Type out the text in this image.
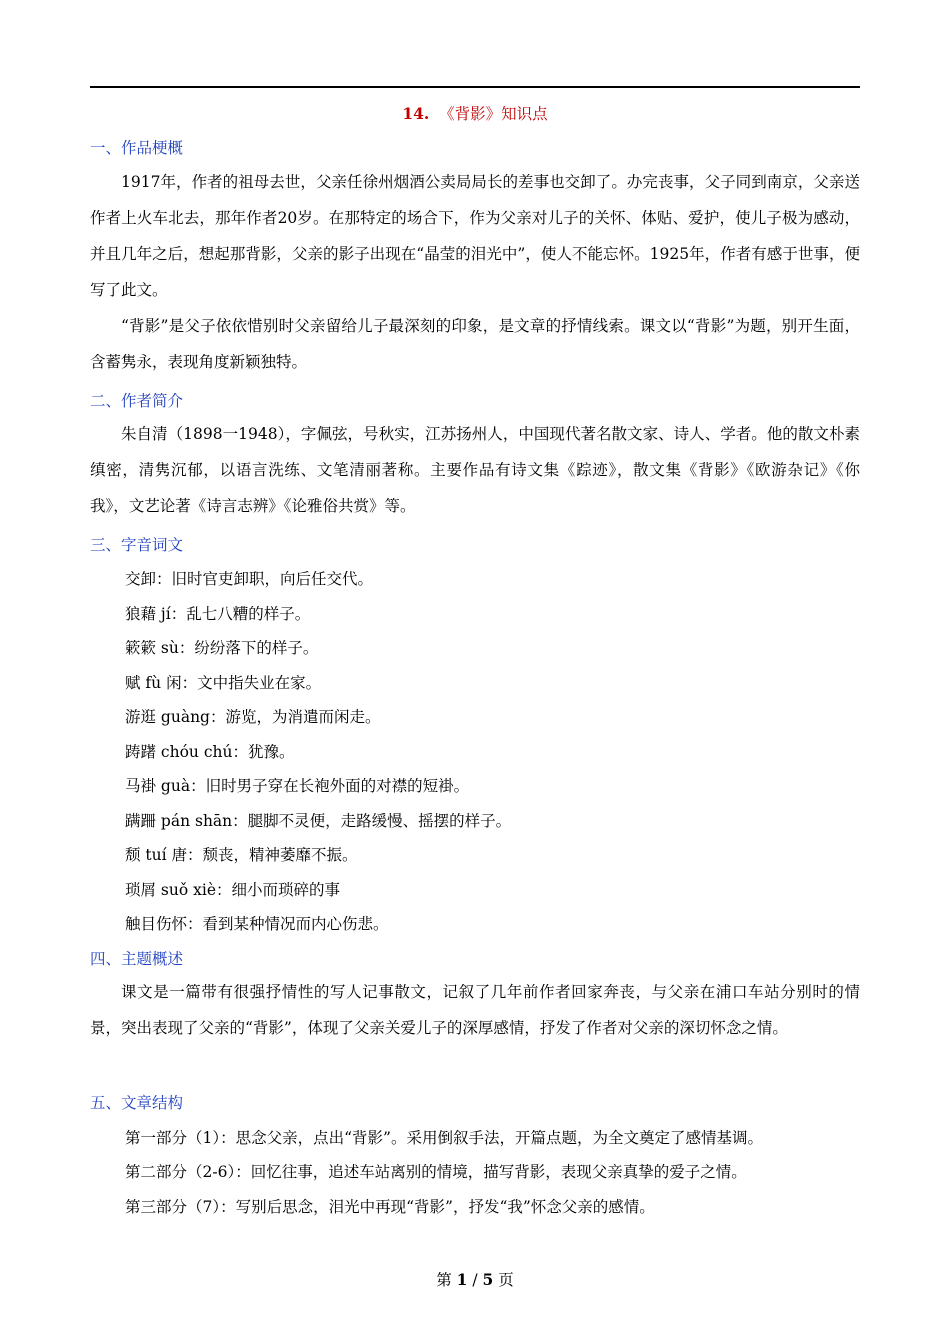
14. 《背影》知识点
一、作品梗概
1917年，作者的祖母去世，父亲任徐州烟酒公卖局局长的差事也交卸了。办完丧事，父子同到南京，父亲送作者上火车北去，那年作者20岁。在那特定的场合下，作为父亲对儿子的关怀、体贴、爱护，使儿子极为感动，并且几年之后，想起那背影，父亲的影子出现在“晶莹的泪光中”，使人不能忘怀。1925年，作者有感于世事，便写了此文。
“背影”是父子依依惜别时父亲留给儿子最深刻的印象，是文章的抒情线索。课文以“背影”为题，别开生面，含蓄隽永，表现角度新颖独特。
二、作者简介
朱自清（1898一1948），字佩弦，号秋实，江苏扬州人，中国现代著名散文家、诗人、学者。他的散文朴素缜密，清隽沉郁，以语言洗练、文笔清丽著称。主要作品有诗文集《踪迹》，散文集《背影》《欧游杂记》《你我》，文艺论著《诗言志辨》《论雅俗共赏》等。
三、字音词文
交卸：旧时官吏卸职，向后任交代。
狼藉 jí：乱七八糟的样子。
簌簌 sù：纷纷落下的样子。
赋 fù 闲：文中指失业在家。
游逛 guàng：游览，为消遣而闲走。
踌躇 chóu chú：犹豫。
马褂 guà：旧时男子穿在长袍外面的对襟的短褂。
蹒跚 pán shān：腿脚不灵便，走路缓慢、摇摆的样子。
颓 tuí 唐：颓丧，精神萎靡不振。
琐屑 suǒ xiè：细小而琐碎的事
触目伤怀：看到某种情况而内心伤悲。
四、主题概述
课文是一篇带有很强抒情性的写人记事散文，记叙了几年前作者回家奔丧，与父亲在浦口车站分别时的情景，突出表现了父亲的“背影”，体现了父亲关爱儿子的深厚感情，抒发了作者对父亲的深切怀念之情。
五、文章结构
第一部分（1）：思念父亲，点出“背影”。采用倒叙手法，开篇点题，为全文奠定了感情基调。
第二部分（2-6）：回忆往事，追述车站离别的情境，描写背影，表现父亲真挚的爱子之情。
第三部分（7）：写别后思念，泪光中再现“背影”，抒发“我”怀念父亲的感情。
第 1 / 5 页
